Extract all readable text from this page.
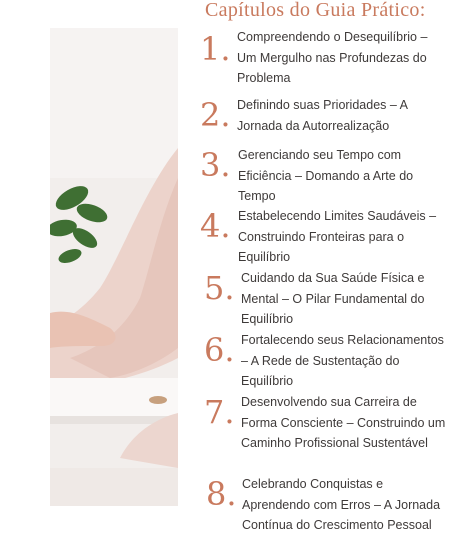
Capítulos do Guia Prático:
1. Compreendendo o Desequilíbrio – Um Mergulho nas Profundezas do Problema
2. Definindo suas Prioridades – A Jornada da Autorrealização
3. Gerenciando seu Tempo com Eficiência – Domando a Arte do Tempo
4. Estabelecendo Limites Saudáveis – Construindo Fronteiras para o Equilíbrio
5. Cuidando da Sua Saúde Física e Mental – O Pilar Fundamental do Equilíbrio
6. Fortalecendo seus Relacionamentos – A Rede de Sustentação do Equilíbrio
7. Desenvolvendo sua Carreira de Forma Consciente – Construindo um Caminho Profissional Sustentável
8. Celebrando Conquistas e Aprendendo com Erros – A Jornada Contínua do Crescimento Pessoal
